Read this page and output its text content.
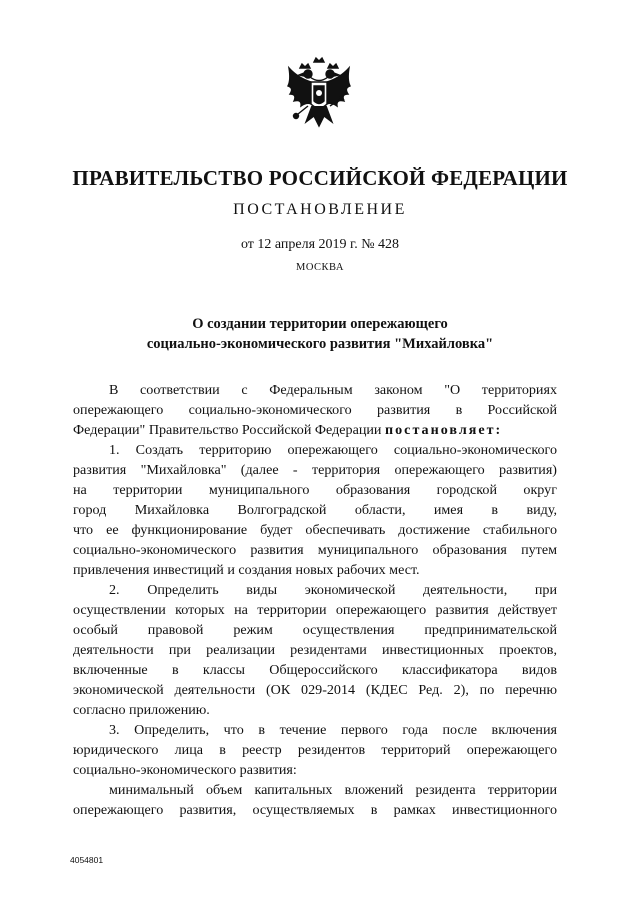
ПРАВИТЕЛЬСТВО РОССИЙСКОЙ ФЕДЕРАЦИИ
ПОСТАНОВЛЕНИЕ
от 12 апреля 2019 г. № 428
МОСКВА
О создании территории опережающего
социально-экономического развития "Михайловка"
В соответствии с Федеральным законом "О территориях
опережающего социально-экономического развития в Российской
Федерации" Правительство Российской Федерации постановляет:
1. Создать территорию опережающего социально-экономического
развития "Михайловка" (далее - территория опережающего развития)
на территории муниципального образования городской округ
город Михайловка Волгоградской области, имея в виду,
что ее функционирование будет обеспечивать достижение стабильного
социально-экономического развития муниципального образования путем
привлечения инвестиций и создания новых рабочих мест.
2. Определить виды экономической деятельности, при
осуществлении которых на территории опережающего развития действует
особый правовой режим осуществления предпринимательской
деятельности при реализации резидентами инвестиционных проектов,
включенные в классы Общероссийского классификатора видов
экономической деятельности (ОК 029-2014 (КДЕС Ред. 2), по перечню
согласно приложению.
3. Определить, что в течение первого года после включения
юридического лица в реестр резидентов территорий опережающего
социально-экономического развития:
минимальный объем капитальных вложений резидента территории
опережающего развития, осуществляемых в рамках инвестиционного
4054801
